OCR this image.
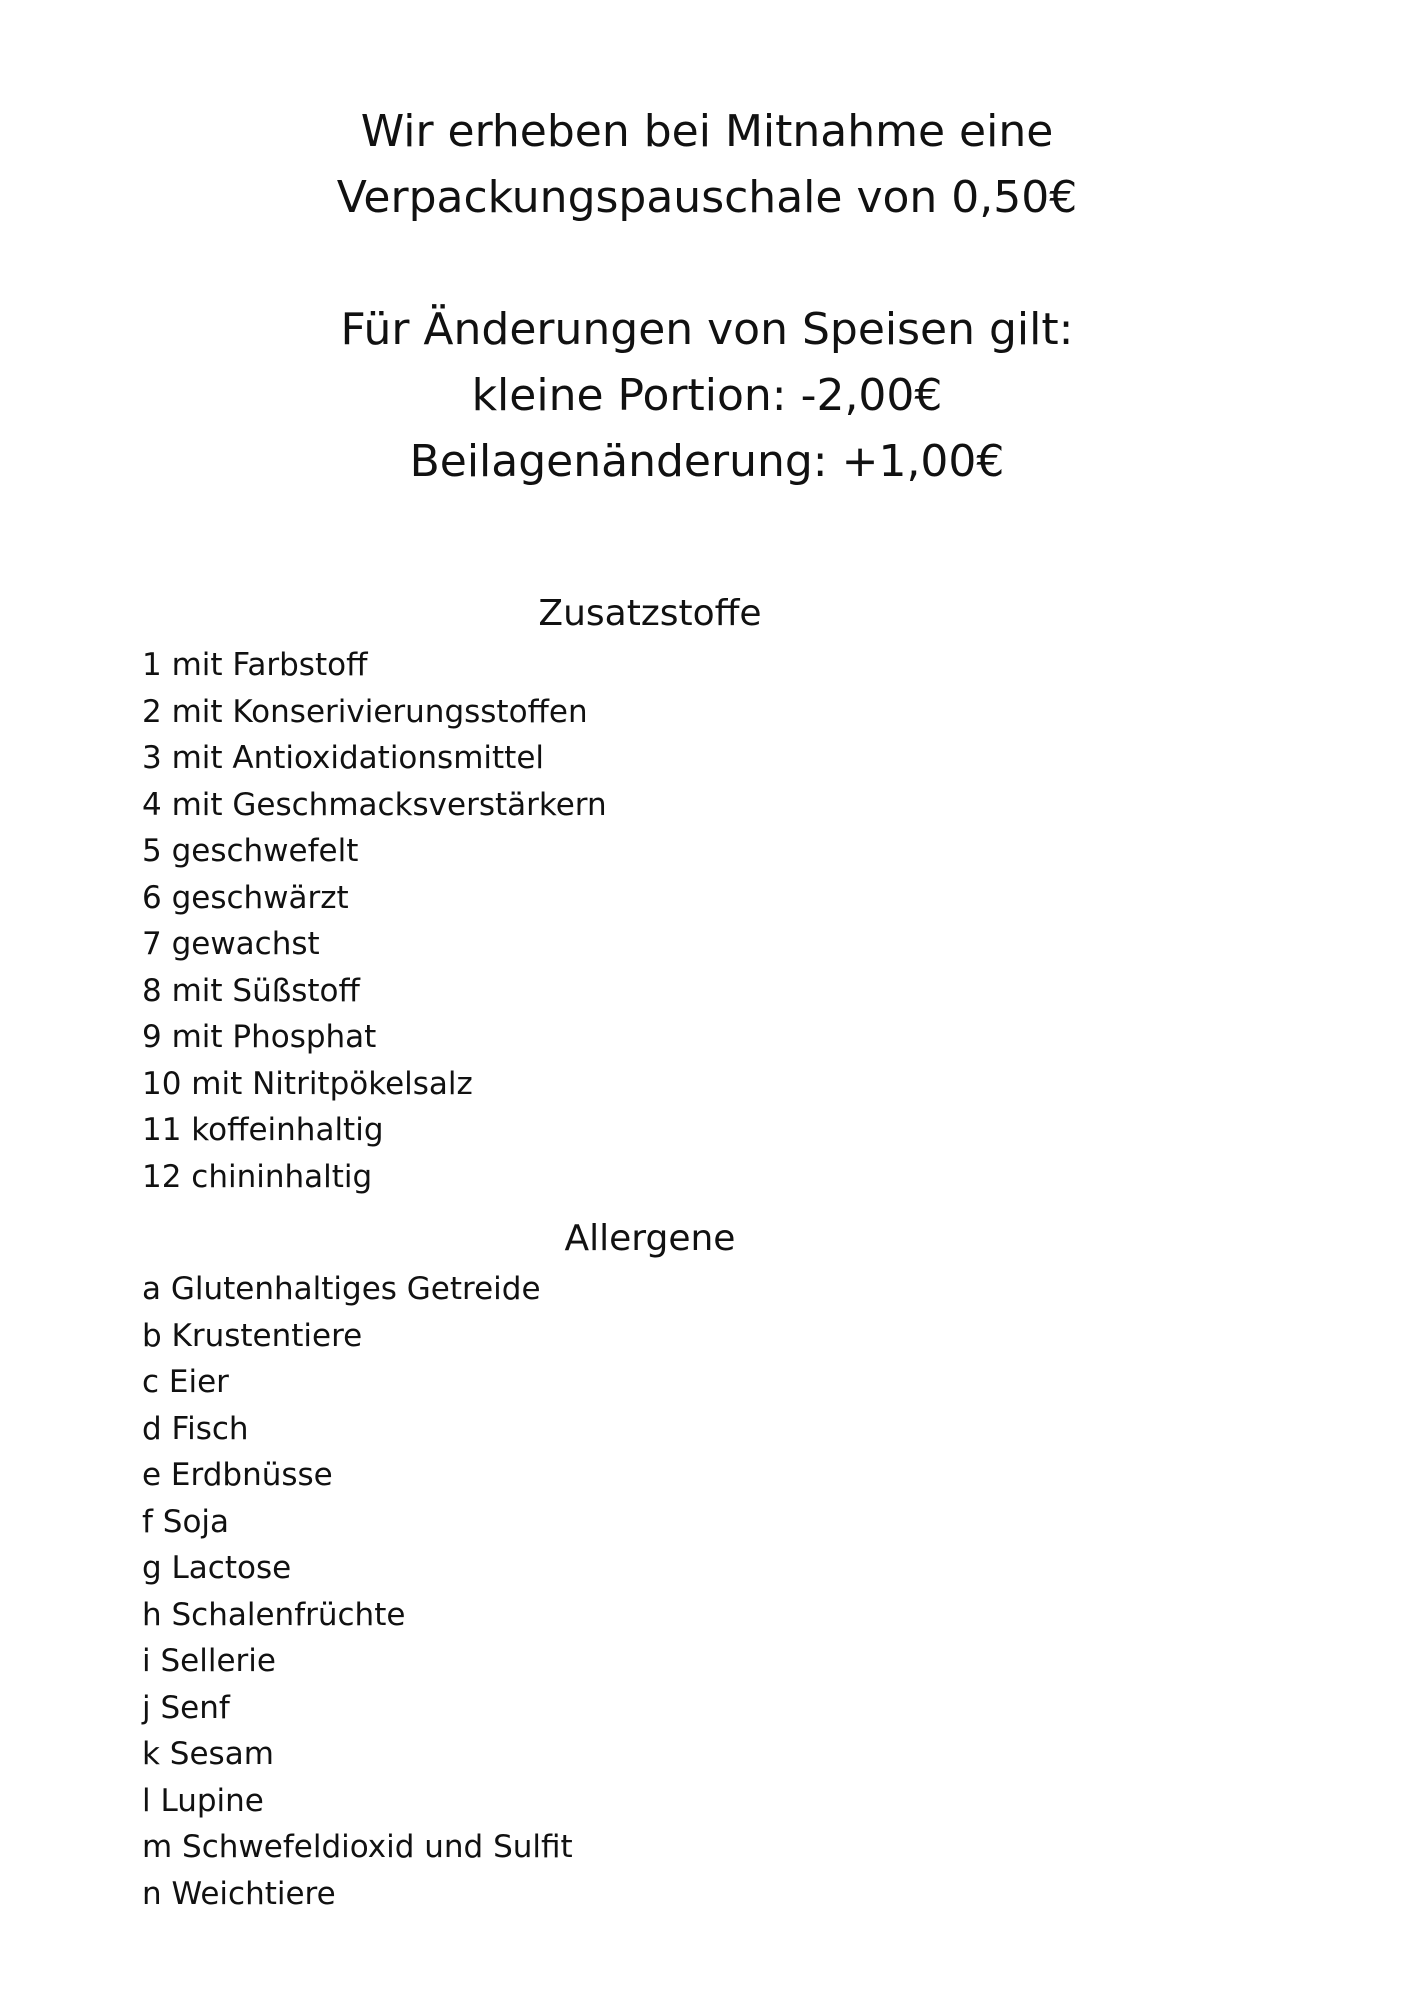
Wir erheben bei Mitnahme eine
Verpackungspauschale von 0,50€

Für Änderungen von Speisen gilt:
kleine Portion: -2,00€
Beilagenänderung: +1,00€

Zusatzstoffe
1 mit Farbstoff
2 mit Konserivierungsstoffen
3 mit Antioxidationsmittel
4 mit Geschmacksverstärkern
5 geschwefelt
6 geschwärzt
7 gewachst
8 mit Süßstoff
9 mit Phosphat
10 mit Nitritpökelsalz
11 koffeinhaltig
12 chininhaltig
Allergene
a Glutenhaltiges Getreide
b Krustentiere
c Eier
d Fisch
e Erdbnüsse
f Soja
g Lactose
h Schalenfrüchte
i Sellerie
j Senf
k Sesam
l Lupine
m Schwefeldioxid und Sulfit
n Weichtiere
